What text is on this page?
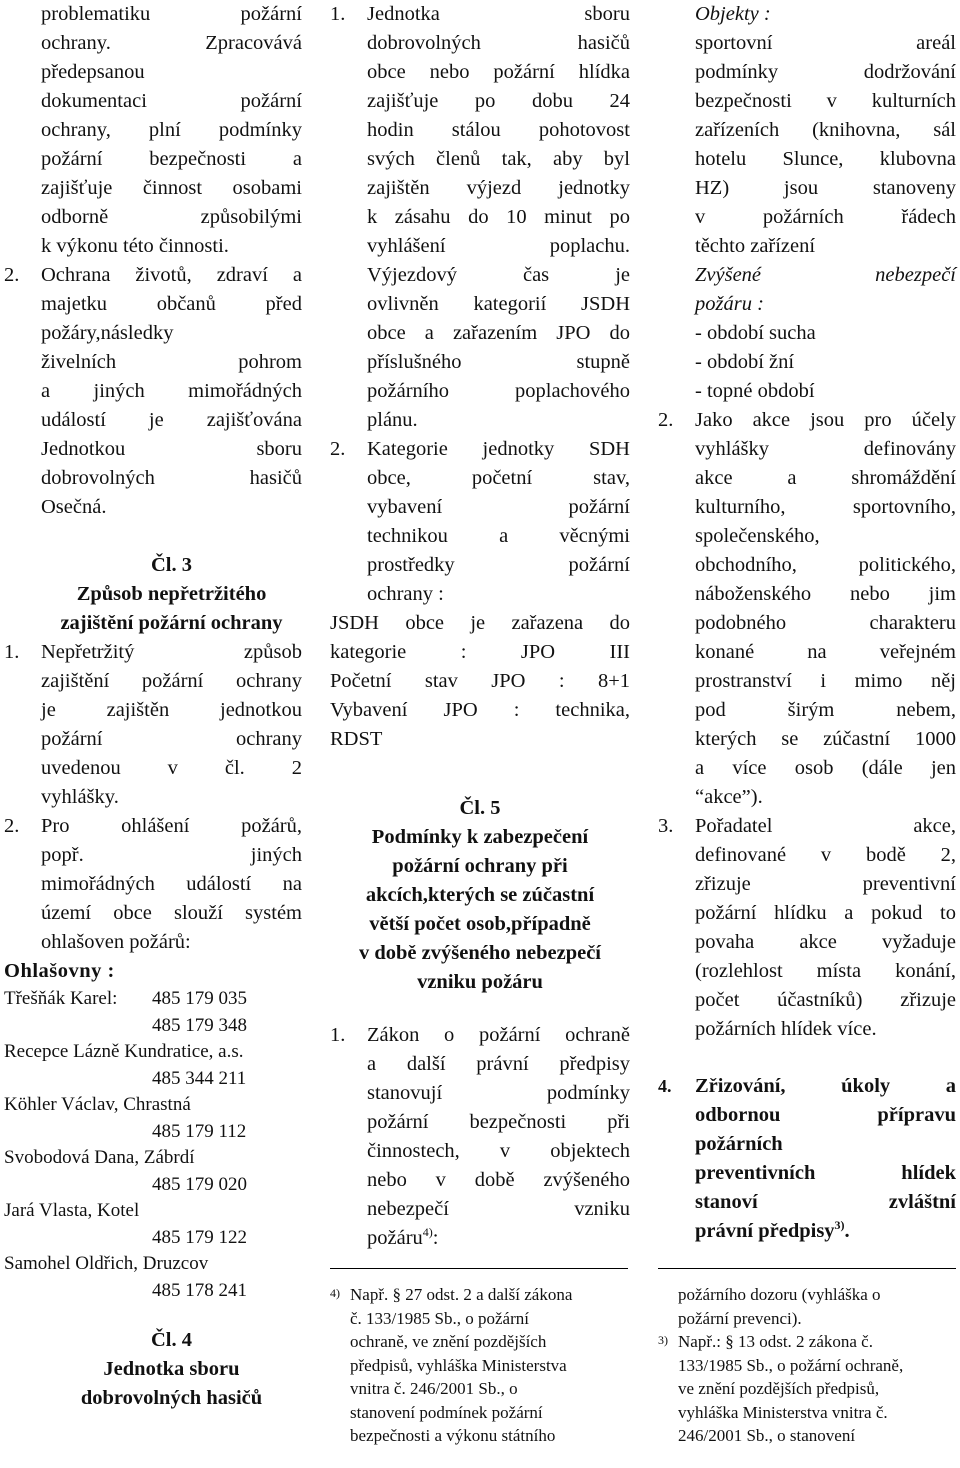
problematiku požární
ochrany. Zpracovává
předepsanou
dokumentaci požární
ochrany, plní podmínky
požární bezpečnosti a
zajišťuje činnost osobami
odborně způsobilými
k výkonu této činnosti.
2. Ochrana životů, zdraví a
majetku občanů před
požáry,následky
živelních pohrom
a jiných mimořádných
událostí je zajišťována
Jednotkou sboru
dobrovolných hasičů
Osečná.
Čl. 3
Způsob nepřetržitého
zajištění požární ochrany
1. Nepřetržitý způsob
zajištění požární ochrany
je zajištěn jednotkou
požární ochrany
uvedenou v čl. 2
vyhlášky.
2. Pro ohlášení požárů,
popř. jiných
mimořádných událostí na
území obce slouží systém
ohlašoven požárů:
Ohlašovny :
Třešňák Karel:	485 179 035
485 179 348
Recepce Lázně Kundratice, a.s.
485 344 211
Köhler Václav, Chrastná
485 179 112
Svobodová Dana, Zábrdí
485 179 020
Jará Vlasta, Kotel
485 179 122
Samohel Oldřich, Druzcov
485 178 241
Čl. 4
Jednotka sboru
dobrovolných hasičů
1. Jednotka sboru
dobrovolných hasičů
obce nebo požární hlídka
zajišťuje po dobu 24
hodin stálou pohotovost
svých členů tak, aby byl
zajištěn výjezd jednotky
k zásahu do 10 minut po
vyhlášení poplachu.
Výjezdový čas je
ovlivněn kategorií JSDH
obce a zařazením JPO do
příslušného stupně
požárního poplachového
plánu.
2. Kategorie jednotky SDH
obce, početní stav,
vybavení požární
technikou a věcnými
prostředky požární
ochrany :
JSDH obce je zařazena do
kategorie : JPO III
Početní stav JPO : 8+1
Vybavení JPO : technika,
RDST
Čl. 5
Podmínky k zabezpečení
požární ochrany při
akcích,kterých se zúčastní
větší počet osob,případně
v době zvýšeného nebezpečí
vzniku požáru
1. Zákon o požární ochraně
a další právní předpisy
stanovují podmínky
požární bezpečnosti při
činnostech, v objektech
nebo v době zvýšeného
nebezpečí vzniku
požáru$^{4)}$:
4) Např. § 27 odst. 2 a další zákona
č. 133/1985 Sb., o požární
ochraně, ve znění pozdějších
předpisů, vyhláška Ministerstva
vnitra č. 246/2001 Sb., o
stanovení podmínek požární
bezpečnosti a výkonu státního
Objekty :
sportovní areál
podmínky dodržování
bezpečnosti v kulturních
zařízeních (knihovna, sál
hotelu Slunce, klubovna
HZ) jsou stanoveny
v požárních řádech
těchto zařízení
Zvýšené nebezpečí
požáru :
- období sucha
- období žní
- topné období
2. Jako akce jsou pro účely
vyhlášky definovány
akce a shromáždění
kulturního, sportovního,
společenského,
obchodního, politického,
náboženského nebo jim
podobného charakteru
konané na veřejném
prostranství i mimo něj
pod širým nebem,
kterých se zúčastní 1000
a více osob (dále jen
“akce”).
3. Pořadatel akce,
definované v bodě 2,
zřizuje preventivní
požární hlídku a pokud to
povaha akce vyžaduje
(rozlehlost místa konání,
počet účastníků) zřizuje
požárních hlídek více.
4. Zřizování, úkoly a
odbornou přípravu
požárních
preventivních hlídek
stanoví zvláštní
právní předpisy$^{3)}$.
požárního dozoru (vyhláška o
požární prevenci).
3) Např.: § 13 odst. 2 zákona č.
133/1985 Sb., o požární ochraně,
ve znění pozdějších předpisů,
vyhláška Ministerstva vnitra č.
246/2001 Sb., o stanovení
